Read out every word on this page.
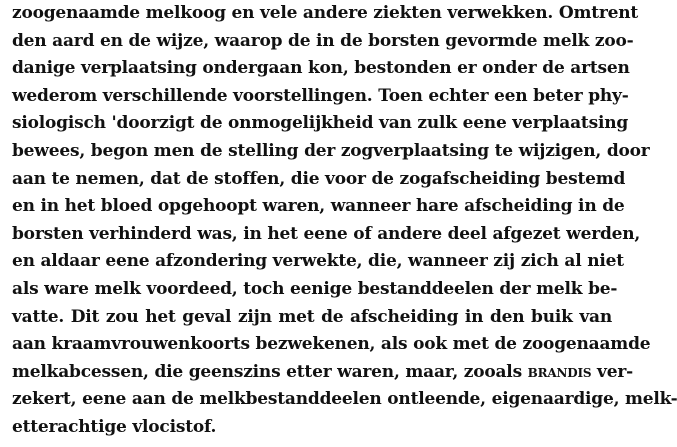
zoogenaamde melkoog en vele andere ziekten verwekken. Omtrent
den aard en de wijze, waarop de in de borsten gevormde melk zoo-
danige verplaatsing ondergaan kon, bestonden er onder de artsen
wederom verschillende voorstellingen. Toen echter een beter phy-
siologisch 'doorzigt de onmogelijkheid van zulk eene verplaatsing
bewees, begon men de stelling der zogverplaatsing te wijzigen, door
aan te nemen, dat de stoffen, die voor de zogafscheiding bestemd
en in het bloed opgehoopt waren, wanneer hare afscheiding in de
borsten verhinderd was, in het eene of andere deel afgezet werden,
en aldaar eene afzondering verwekte, die, wanneer zij zich al niet
als ware melk voordeed, toch eenige bestanddeelen der melk be-
vatte. Dit zou het geval zijn met de afscheiding in den buik van
aan kraamvrouwenkoorts bezwekenen, als ook met de zoogenaamde
melkabcessen, die geenszins etter waren, maar, zooals brandis ver-
zekert, eene aan de melkbestanddeelen ontleende, eigenaardige, melk-
etterachtige vlocistof.
